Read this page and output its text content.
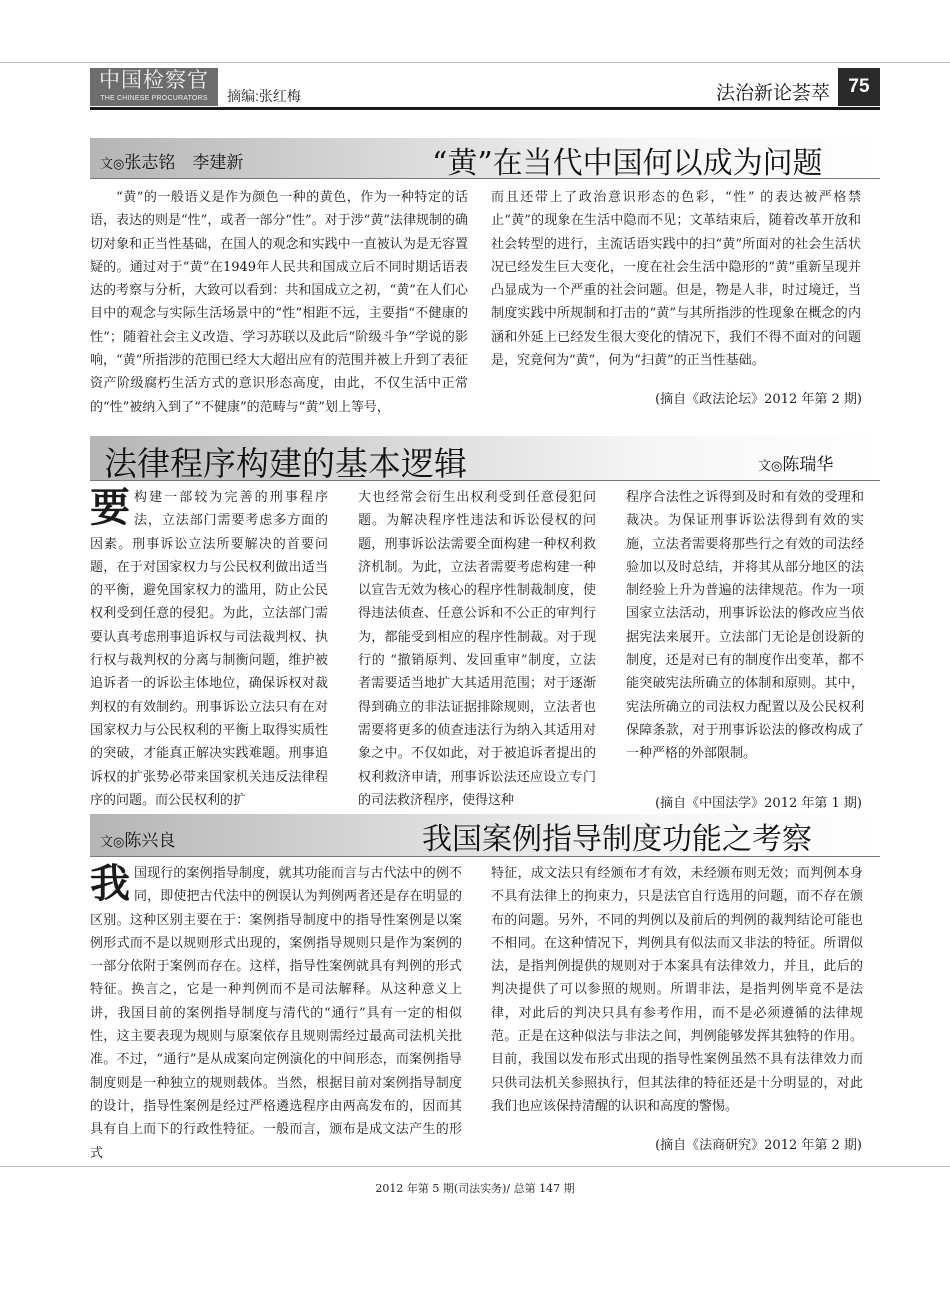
中国检察官
THE CHINESE PROCURATORS	摘编:张红梅	法治新论荟萃 75
文◎张志铭　李建新	“黄”在当代中国何以成为问题

“黄”的一般语义是作为颜色一种的黄色，作为一种特定的话语，表达的则是“性”，或者一部分“性”。对于涉“黄”法律规制的确切对象和正当性基础，在国人的观念和实践中一直被认为是无容置疑的。通过对于“黄”在1949年人民共和国成立后不同时期话语表达的考察与分析，大致可以看到：共和国成立之初，“黄”在人们心目中的观念与实际生活场景中的“性”相距不远，主要指“不健康的性”；随着社会主义改造、学习苏联以及此后“阶级斗争”学说的影响，“黄”所指涉的范围已经大大超出应有的范围并被上升到了表征资产阶级腐朽生活方式的意识形态高度，由此，不仅生活中正常的“性”被纳入到了“不健康”的范畴与“黄”划上等号，

而且还带上了政治意识形态的色彩，“性” 的表达被严格禁止“黄”的现象在生活中隐而不见；文革结束后，随着改革开放和社会转型的进行，主流话语实践中的扫“黄”所面对的社会生活状况已经发生巨大变化，一度在社会生活中隐形的“黄”重新呈现并凸显成为一个严重的社会问题。但是，物是人非，时过境迁，当制度实践中所规制和打击的“黄”与其所指涉的性现象在概念的内涵和外延上已经发生很大变化的情况下，我们不得不面对的问题是，究竟何为“黄”，何为“扫黄”的正当性基础。

(摘自《政法论坛》2012 年第 2 期)
法律程序构建的基本逻辑	文◎陈瑞华
要 构建一部较为完善的刑事程序法，立法部门需要考虑多方面的因素。刑事诉讼立法所要解决的首要问题，在于对国家权力与公民权利做出适当的平衡，避免国家权力的滥用，防止公民权利受到任意的侵犯。为此，立法部门需要认真考虑刑事追诉权与司法裁判权、执行权与裁判权的分离与制衡问题，维护被追诉者一的诉讼主体地位，确保诉权对裁判权的有效制约。刑事诉讼立法只有在对国家权力与公民权利的平衡上取得实质性的突破，才能真正解决实践难题。刑事追诉权的扩张势必带来国家机关违反法律程序的问题。而公民权利的扩

大也经常会衍生出权利受到任意侵犯问题。为解决程序性违法和诉讼侵权的问题，刑事诉讼法需要全面构建一种权利救济机制。为此，立法者需要考虑构建一种以宣告无效为核心的程序性制裁制度，使得违法侦查、任意公诉和不公正的审判行为，都能受到相应的程序性制裁。对于现行的 “撤销原判、发回重审”制度，立法者需要适当地扩大其适用范围；对于逐渐得到确立的非法证据排除规则，立法者也需要将更多的侦查违法行为纳入其适用对象之中。不仅如此，对于被追诉者提出的权利救济申请，刑事诉讼法还应设立专门的司法救济程序，使得这种

程序合法性之诉得到及时和有效的受理和裁决。为保证刑事诉讼法得到有效的实施，立法者需要将那些行之有效的司法经验加以及时总结，并将其从部分地区的法制经验上升为普遍的法律规范。作为一项国家立法活动，刑事诉讼法的修改应当依据宪法来展开。立法部门无论是创设新的制度，还是对已有的制度作出变革，都不能突破宪法所确立的体制和原则。其中，宪法所确立的司法权力配置以及公民权利保障条款，对于刑事诉讼法的修改构成了一种严格的外部限制。

(摘自《中国法学》2012 年第 1 期)
文◎陈兴良	我国案例指导制度功能之考察
我 国现行的案例指导制度，就其功能而言与古代法中的例不同，即使把古代法中的例误认为判例两者还是存在明显的区别。这种区别主要在于：案例指导制度中的指导性案例是以案例形式而不是以规则形式出现的，案例指导规则只是作为案例的一部分依附于案例而存在。这样，指导性案例就具有判例的形式特征。换言之，它是一种判例而不是司法解释。从这种意义上讲，我国目前的案例指导制度与清代的“通行”具有一定的相似性，这主要表现为规则与原案依存且规则需经过最高司法机关批准。不过，“通行”是从成案向定例演化的中间形态，而案例指导制度则是一种独立的规则载体。当然，根据目前对案例指导制度的设计，指导性案例是经过严格遴选程序由两高发布的，因而其具有自上而下的行政性特征。一般而言，颁布是成文法产生的形式

特征，成文法只有经颁布才有效，未经颁布则无效；而判例本身不具有法律上的拘束力，只是法官自行选用的问题，而不存在颁布的问题。另外，不同的判例以及前后的判例的裁判结论可能也不相同。在这种情况下，判例具有似法而又非法的特征。所谓似法，是指判例提供的规则对于本案具有法律效力，并且，此后的判决提供了可以参照的规则。所谓非法，是指判例毕竟不是法律，对此后的判决只具有参考作用，而不是必须遵循的法律规范。正是在这种似法与非法之间，判例能够发挥其独特的作用。目前，我国以发布形式出现的指导性案例虽然不具有法律效力而只供司法机关参照执行，但其法律的特征还是十分明显的，对此我们也应该保持清醒的认识和高度的警惕。

(摘自《法商研究》2012 年第 2 期)
2012 年第 5 期(司法实务)/ 总第 147 期
